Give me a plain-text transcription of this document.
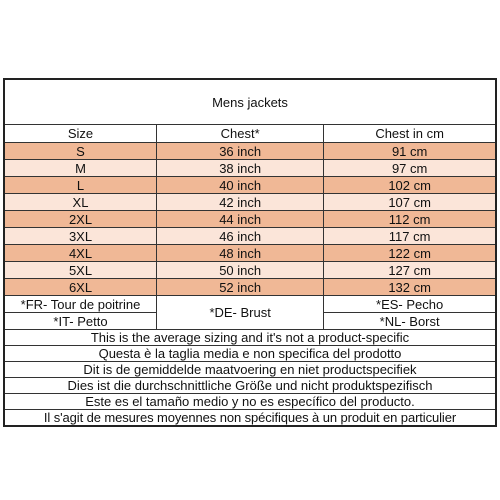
Mens jackets		
Size	Chest*	Chest in cm
S	36 inch	91 cm
M	38 inch	97 cm
L	40 inch	102 cm
XL	42 inch	107 cm
2XL	44 inch	112 cm
3XL	46 inch	117 cm
4XL	48 inch	122 cm
5XL	50 inch	127 cm
6XL	52 inch	132 cm
*FR- Tour de poitrine	*DE- Brust	*ES- Pecho
*IT- Petto		*NL- Borst
This is the average sizing and it's not a product-specific		
Questa è la taglia media e non specifica del prodotto		
Dit is de gemiddelde maatvoering en niet productspecifiek		
Dies ist die durchschnittliche Größe und nicht produktspezifisch		
Este es el tamaño medio y no es específico del producto.		
Il s'agit de mesures moyennes non spécifiques à un produit en particulier		
